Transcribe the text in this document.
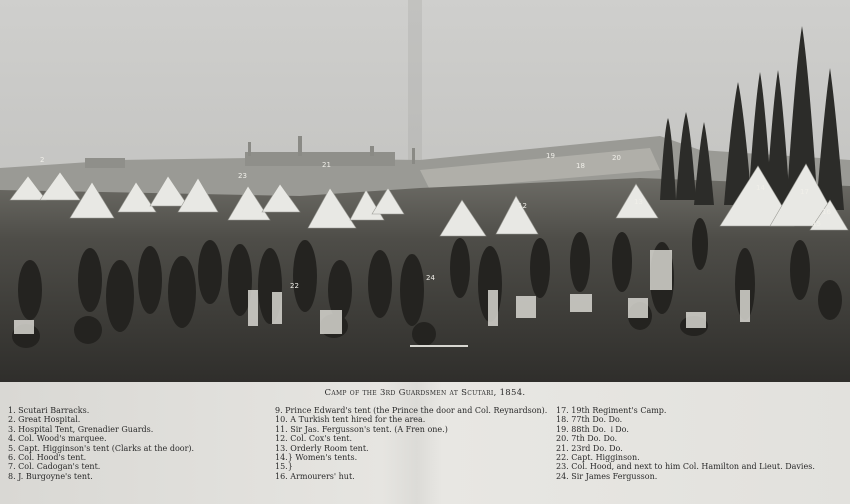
2
21
19
18
20
23
14
13
12
17
15
16
22
24
Camp of the 3rd Guardsmen at Scutari, 1854.
1. Scutari Barracks.
2. Great Hospital.
3. Hospital Tent, Grenadier Guards.
4. Col. Wood's marquee.
5. Capt. Higginson's tent (Clarks at the door).
6. Col. Hood's tent.
7. Col. Cadogan's tent.
8. J. Burgoyne's tent.
9. Prince Edward's tent (the Prince the door and Col. Reynardson).
10. A Turkish tent hired for the area.
11. Sir Jas. Fergusson's tent. (A Fren one.)
12. Col. Cox's tent.
13. Orderly Room tent.
14.} Women's tents.
15.}
16. Armourers' hut.
17. 19th Regiment's Camp.
18. 77th Do. Do.
19. 88th Do. ↓Do.
20. 7th Do. Do.
21. 23rd Do. Do.
22. Capt. Higginson.
23. Col. Hood, and next to him Col. Hamilton and Lieut. Davies.
24. Sir James Fergusson.
